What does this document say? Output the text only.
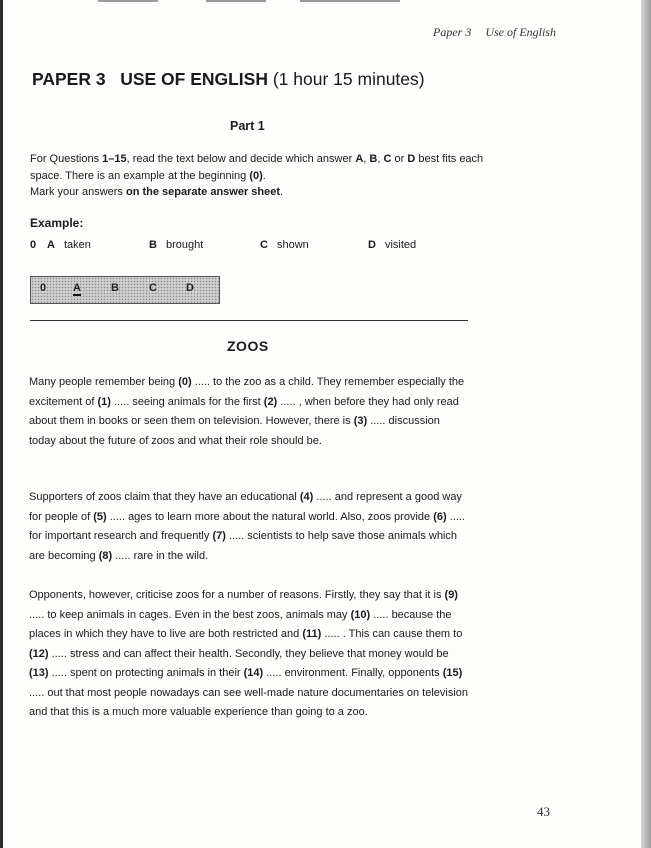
Paper 3 Use of English
PAPER 3 USE OF ENGLISH (1 hour 15 minutes)
Part 1

For Questions 1–15, read the text below and decide which answer A, B, C or D best fits each space. There is an example at the beginning (0).

Mark your answers on the separate answer sheet.

Example:
0 A taken	B brought	C shown	D visited
0 A	B	C	D
ZOOS

Many people remember being (0) ..... to the zoo as a child. They remember especially the excitement of (1) ..... seeing animals for the first (2) ..... , when before they had only read about them in books or seen them on television. However, there is (3) ..... discussion today about the future of zoos and what their role should be.

Supporters of zoos claim that they have an educational (4) ..... and represent a good way for people of (5) ..... ages to learn more about the natural world. Also, zoos provide (6) ..... for important research and frequently (7) ..... scientists to help save those animals which are becoming (8) ..... rare in the wild.

Opponents, however, criticise zoos for a number of reasons. Firstly, they say that it is (9) ..... to keep animals in cages. Even in the best zoos, animals may (10) ..... because the places in which they have to live are both restricted and (11) ..... . This can cause them to (12) ..... stress and can affect their health. Secondly, they believe that money would be (13) ..... spent on protecting animals in their (14) ..... environment. Finally, opponents (15) ..... out that most people nowadays can see well-made nature documentaries on television and that this is a much more valuable experience than going to a zoo.

43
